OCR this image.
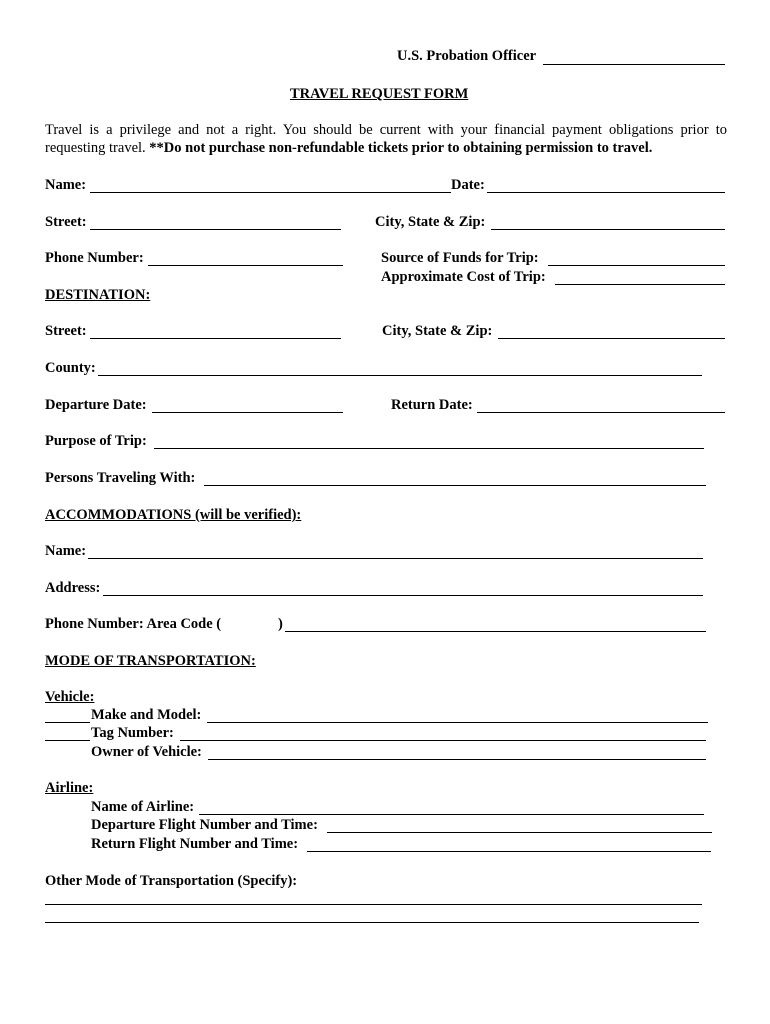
U.S. Probation Officer
TRAVEL REQUEST FORM
Travel is a privilege and not a right. You should be current with your financial payment obligations prior to requesting travel. **Do not purchase non-refundable tickets prior to obtaining permission to travel.
Name:	Date:
Street:	City, State & Zip:
Phone Number:	Source of Funds for Trip:
Approximate Cost of Trip:
DESTINATION:
Street:	City, State & Zip:
County:
Departure Date:	Return Date:
Purpose of Trip:
Persons Traveling With:
ACCOMMODATIONS (will be verified):
Name:
Address:
Phone Number: Area Code (	)
MODE OF TRANSPORTATION:
Vehicle:
Make and Model:
Tag Number:
Owner of Vehicle:
Airline:
Name of Airline:
Departure Flight Number and Time:
Return Flight Number and Time:
Other Mode of Transportation (Specify):
